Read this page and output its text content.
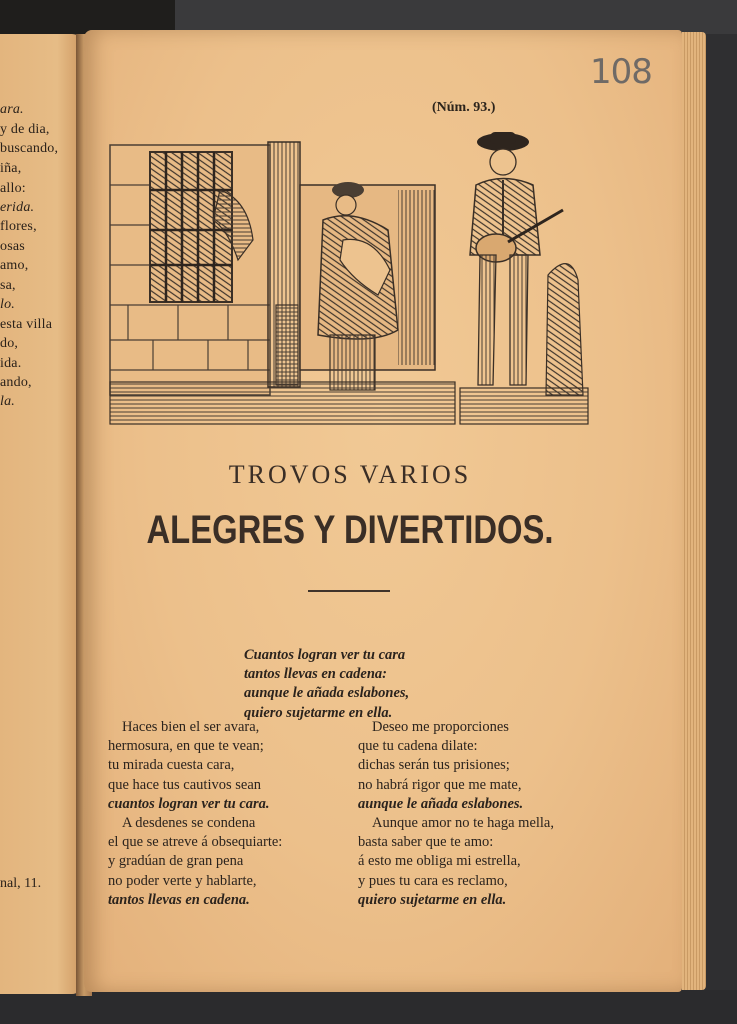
ara.
y de dia,
buscando,
iña,
allo:
erida.
flores,
osas
amo,
sa,
lo.
esta villa
do,
ida.
ando,
la.
nal, 11.
108
(Núm. 93.)
TROVOS VARIOS
ALEGRES Y DIVERTIDOS.
Cuantos logran ver tu cara
tantos llevas en cadena:
aunque le añada eslabones,
quiero sujetarme en ella.
Haces bien el ser avara,
hermosura, en que te vean;
tu mirada cuesta cara,
que hace tus cautivos sean
cuantos logran ver tu cara.
A desdenes se condena
el que se atreve á obsequiarte:
y gradúan de gran pena
no poder verte y hablarte,
tantos llevas en cadena.
Deseo me proporciones
que tu cadena dilate:
dichas serán tus prisiones;
no habrá rigor que me mate,
aunque le añada eslabones.
Aunque amor no te haga mella,
basta saber que te amo:
á esto me obliga mi estrella,
y pues tu cara es reclamo,
quiero sujetarme en ella.
